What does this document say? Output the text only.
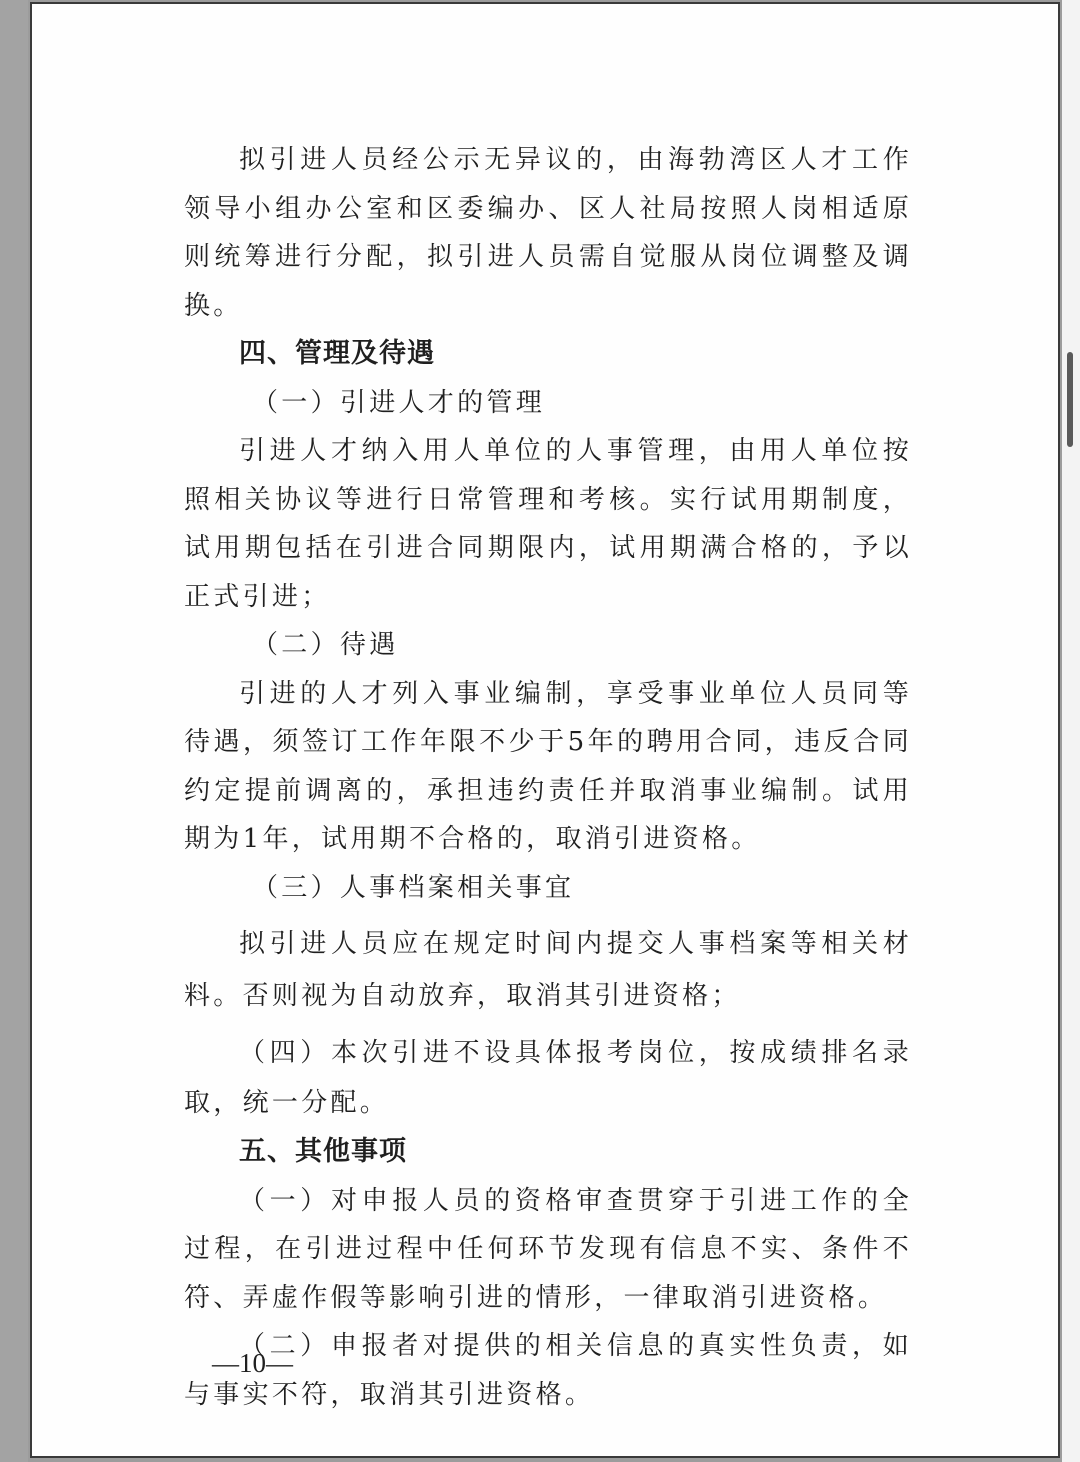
拟引进人员经公示无异议的，由海勃湾区人才工作领导小组办公室和区委编办、区人社局按照人岗相适原则统筹进行分配，拟引进人员需自觉服从岗位调整及调换。

四、管理及待遇
（一）引进人才的管理

引进人才纳入用人单位的人事管理，由用人单位按照相关协议等进行日常管理和考核。实行试用期制度，试用期包括在引进合同期限内，试用期满合格的，予以正式引进；

（二）待遇

引进的人才列入事业编制，享受事业单位人员同等待遇，须签订工作年限不少于5年的聘用合同，违反合同约定提前调离的，承担违约责任并取消事业编制。试用期为1年，试用期不合格的，取消引进资格。

（三）人事档案相关事宜

拟引进人员应在规定时间内提交人事档案等相关材料。否则视为自动放弃，取消其引进资格；

（四）本次引进不设具体报考岗位，按成绩排名录取，统一分配。

五、其他事项

（一）对申报人员的资格审查贯穿于引进工作的全过程，在引进过程中任何环节发现有信息不实、条件不符、弄虚作假等影响引进的情形，一律取消引进资格。

（二）申报者对提供的相关信息的真实性负责，如与事实不符，取消其引进资格。

—10—
